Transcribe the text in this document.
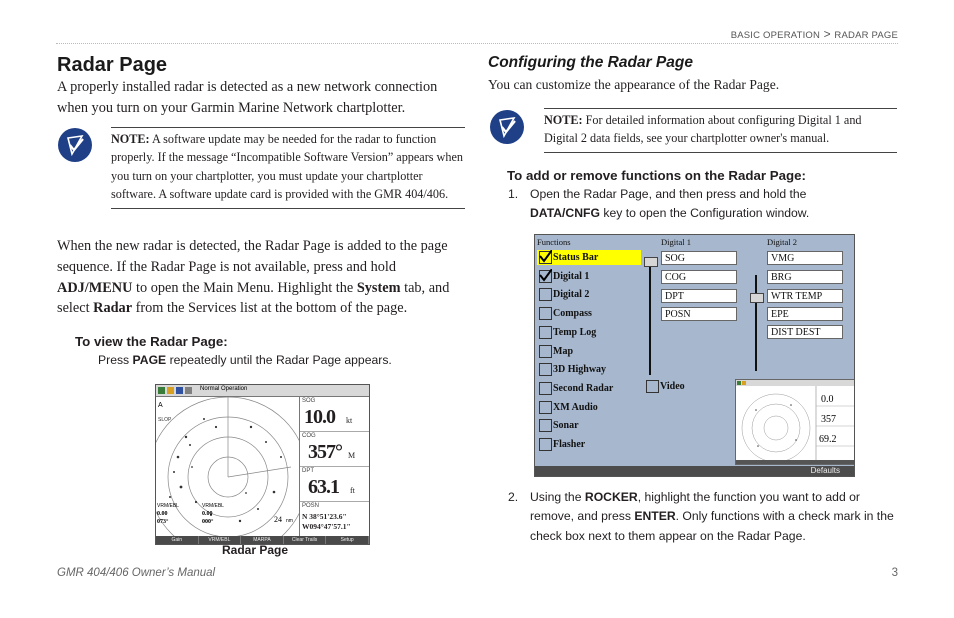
BASIC OPERATION > RADAR PAGE
Radar Page

A properly installed radar is detected as a new network connection when you turn on your Garmin Marine Network chartplotter.

NOTE: A software update may be needed for the radar to function properly. If the message “Incompatible Software Version” appears when you turn on your chartplotter, you must update your chartplotter software. A software update card is provided with the GMR 404/406.

When the new radar is detected, the Radar Page is added to the page sequence. If the Radar Page is not available, press and hold ADJ/MENU to open the Main Menu. Highlight the System tab, and select Radar from the Services list at the bottom of the page.

To view the Radar Page:
Press PAGE repeatedly until the Radar Page appears.
Normal Operation
A
SLOP
VRM/EBL
0.00
073°
VRM/EBL
0.00
000°	24 nm
SOG
10.0 kt
COG
357° M
DPT
63.1 ft
POSN
N 38°51'23.6"
W094°47'57.1"
Gain	VRM/EBL	MARPA	Clear Trails	Setup
Radar Page
Configuring the Radar Page

You can customize the appearance of the Radar Page.

NOTE: For detailed information about configuring Digital 1 and Digital 2 data fields, see your chartplotter owner's manual.
To add or remove functions on the Radar Page:
1. Open the Radar Page, and then press and hold the DATA/CNFG key to open the Configuration window.
Functions	Digital 1	Digital 2
Status Bar
Digital 1
Digital 2
Compass
Temp Log
Map
3D Highway
Second Radar
XM Audio
Sonar
Flasher
Video
SOG
COG
DPT
POSN
VMG
BRG
WTR TEMP
EPE
DIST DEST
0.0
357
69.2
Defaults
2. Using the ROCKER, highlight the function you want to add or remove, and press ENTER. Only functions with a check mark in the check box next to them appear on the Radar Page.
GMR 404/406 Owner’s Manual	3
